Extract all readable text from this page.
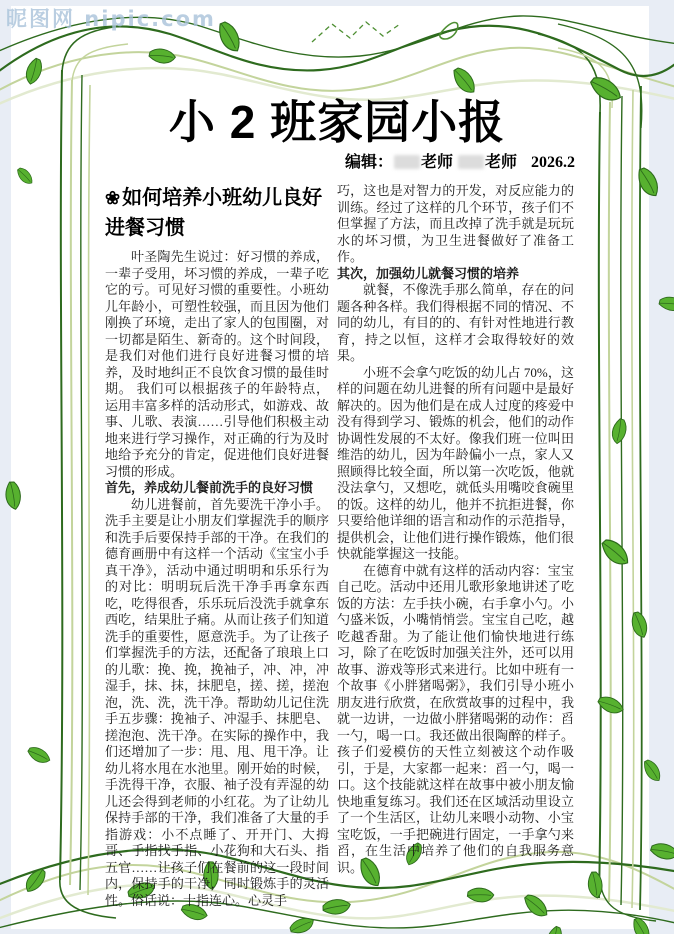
昵图网 nipic.com
小 2 班家园小报
编辑： 老师 老师 2026.2
❀ 如何培养小班幼儿良好进餐习惯

叶圣陶先生说过：好习惯的养成，一辈子受用，坏习惯的养成，一辈子吃它的亏。可见好习惯的重要性。小班幼儿年龄小，可塑性较强，而且因为他们刚换了环境，走出了家人的包围圈，对一切都是陌生、新奇的。这个时间段，是我们对他们进行良好进餐习惯的培养，及时地纠正不良饮食习惯的最佳时期。 我们可以根据孩子的年龄特点，运用丰富多样的活动形式，如游戏、故事、儿歌、表演……引导他们积极主动地来进行学习操作，对正确的行为及时地给予充分的肯定，促进他们良好进餐习惯的形成。

首先，养成幼儿餐前洗手的良好习惯

幼儿进餐前，首先要洗干净小手。洗手主要是让小朋友们掌握洗手的顺序和洗手后要保持手部的干净。在我们的德育画册中有这样一个活动《宝宝小手真干净》，活动中通过明明和乐乐行为的对比：明明玩后洗干净手再拿东西吃，吃得很香，乐乐玩后没洗手就拿东西吃，结果肚子痛。从而让孩子们知道洗手的重要性，愿意洗手。为了让孩子们掌握洗手的方法，还配备了琅琅上口的儿歌：挽、挽，挽袖子，冲、冲，冲湿手，抹、抹，抹肥皂，搓、搓，搓泡泡，洗、洗，洗干净。帮助幼儿记住洗手五步骤：挽袖子、冲湿手、抹肥皂、搓泡泡、洗干净。在实际的操作中，我们还增加了一步：甩、甩、甩干净。让幼儿将水甩在水池里。刚开始的时候，手洗得干净，衣服、袖子没有弄湿的幼儿还会得到老师的小红花。为了让幼儿保持手部的干净，我们准备了大量的手指游戏：小不点睡了、开开门、大拇哥、手指找手指、小花狗和大石头、指五官……让孩子们在餐前的这一段时间内，保持手的干净，同时锻炼手的灵活性。俗话说：十指连心。心灵手

巧，这也是对智力的开发，对反应能力的训练。经过了这样的几个环节，孩子们不但掌握了方法，而且改掉了洗手就是玩玩水的坏习惯，为卫生进餐做好了准备工作。

其次，加强幼儿就餐习惯的培养

就餐，不像洗手那么简单，存在的问题各种各样。我们得根据不同的情况、不同的幼儿，有目的的、有针对性地进行教育，持之以恒，这样才会取得较好的效果。

小班不会拿勺吃饭的幼儿占 70%，这样的问题在幼儿进餐的所有问题中是最好解决的。因为他们是在成人过度的疼爱中没有得到学习、锻炼的机会，他们的动作协调性发展的不太好。像我们班一位叫田维浩的幼儿，因为年龄偏小一点，家人又照顾得比较全面，所以第一次吃饭，他就没法拿勺，又想吃，就低头用嘴咬食碗里的饭。这样的幼儿，他并不抗拒进餐，你只要给他详细的语言和动作的示范指导，提供机会，让他们进行操作锻炼，他们很快就能掌握这一技能。

在德育中就有这样的活动内容：宝宝自己吃。活动中还用儿歌形象地讲述了吃饭的方法：左手扶小碗，右手拿小勺。小勺盛米饭，小嘴悄悄尝。宝宝自己吃，越吃越香甜。为了能让他们愉快地进行练习，除了在吃饭时加强关注外，还可以用故事、游戏等形式来进行。比如中班有一个故事《小胖猪喝粥》，我们引导小班小朋友进行欣赏，在欣赏故事的过程中，我就一边讲，一边做小胖猪喝粥的动作：舀一勺，喝一口。我还做出很陶醉的样子。孩子们爱模仿的天性立刻被这个动作吸引，于是，大家都一起来：舀一勺，喝一口。这个技能就这样在故事中被小朋友愉快地重复练习。我们还在区域活动里设立了一个生活区，让幼儿来喂小动物、小宝宝吃饭，一手把碗进行固定，一手拿勺来舀，在生活中培养了他们的自我服务意识。
